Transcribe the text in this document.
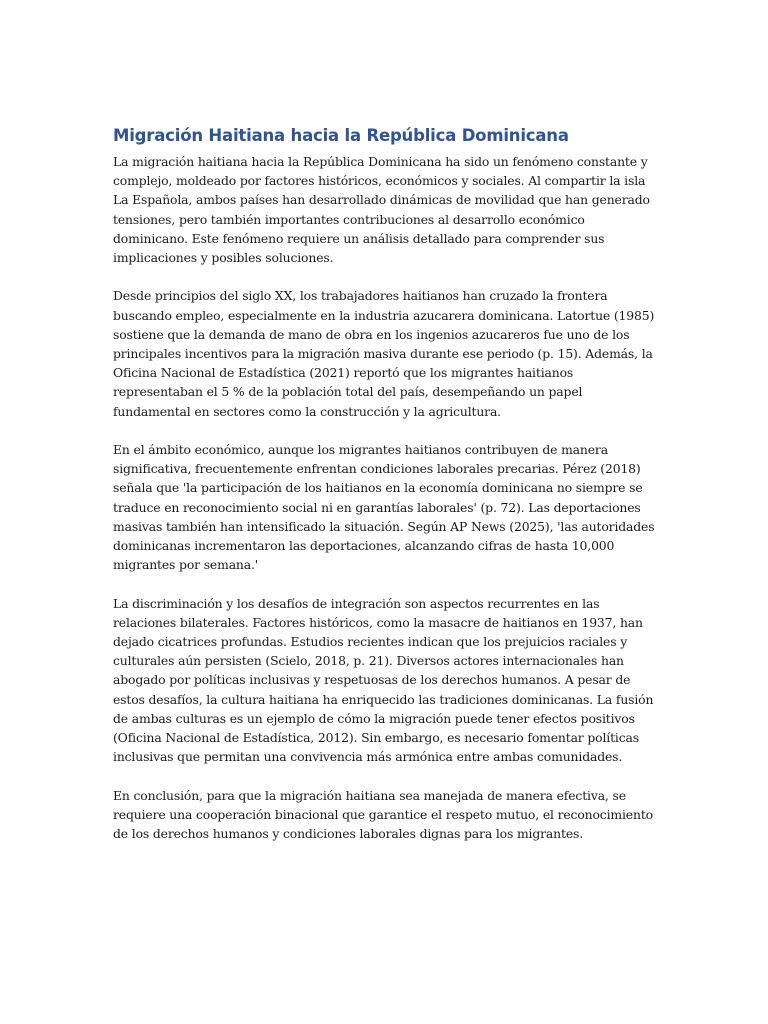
Migración Haitiana hacia la República Dominicana

La migración haitiana hacia la República Dominicana ha sido un fenómeno constante y complejo, moldeado por factores históricos, económicos y sociales. Al compartir la isla La Española, ambos países han desarrollado dinámicas de movilidad que han generado tensiones, pero también importantes contribuciones al desarrollo económico dominicano. Este fenómeno requiere un análisis detallado para comprender sus implicaciones y posibles soluciones.

Desde principios del siglo XX, los trabajadores haitianos han cruzado la frontera buscando empleo, especialmente en la industria azucarera dominicana. Latortue (1985) sostiene que la demanda de mano de obra en los ingenios azucareros fue uno de los principales incentivos para la migración masiva durante ese periodo (p. 15). Además, la Oficina Nacional de Estadística (2021) reportó que los migrantes haitianos representaban el 5 % de la población total del país, desempeñando un papel fundamental en sectores como la construcción y la agricultura.

En el ámbito económico, aunque los migrantes haitianos contribuyen de manera significativa, frecuentemente enfrentan condiciones laborales precarias. Pérez (2018) señala que 'la participación de los haitianos en la economía dominicana no siempre se traduce en reconocimiento social ni en garantías laborales' (p. 72). Las deportaciones masivas también han intensificado la situación. Según AP News (2025), 'las autoridades dominicanas incrementaron las deportaciones, alcanzando cifras de hasta 10,000 migrantes por semana.'

La discriminación y los desafíos de integración son aspectos recurrentes en las relaciones bilaterales. Factores históricos, como la masacre de haitianos en 1937, han dejado cicatrices profundas. Estudios recientes indican que los prejuicios raciales y culturales aún persisten (Scielo, 2018, p. 21). Diversos actores internacionales han abogado por políticas inclusivas y respetuosas de los derechos humanos. A pesar de estos desafíos, la cultura haitiana ha enriquecido las tradiciones dominicanas. La fusión de ambas culturas es un ejemplo de cómo la migración puede tener efectos positivos (Oficina Nacional de Estadística, 2012). Sin embargo, es necesario fomentar políticas inclusivas que permitan una convivencia más armónica entre ambas comunidades.

En conclusión, para que la migración haitiana sea manejada de manera efectiva, se requiere una cooperación binacional que garantice el respeto mutuo, el reconocimiento de los derechos humanos y condiciones laborales dignas para los migrantes.
